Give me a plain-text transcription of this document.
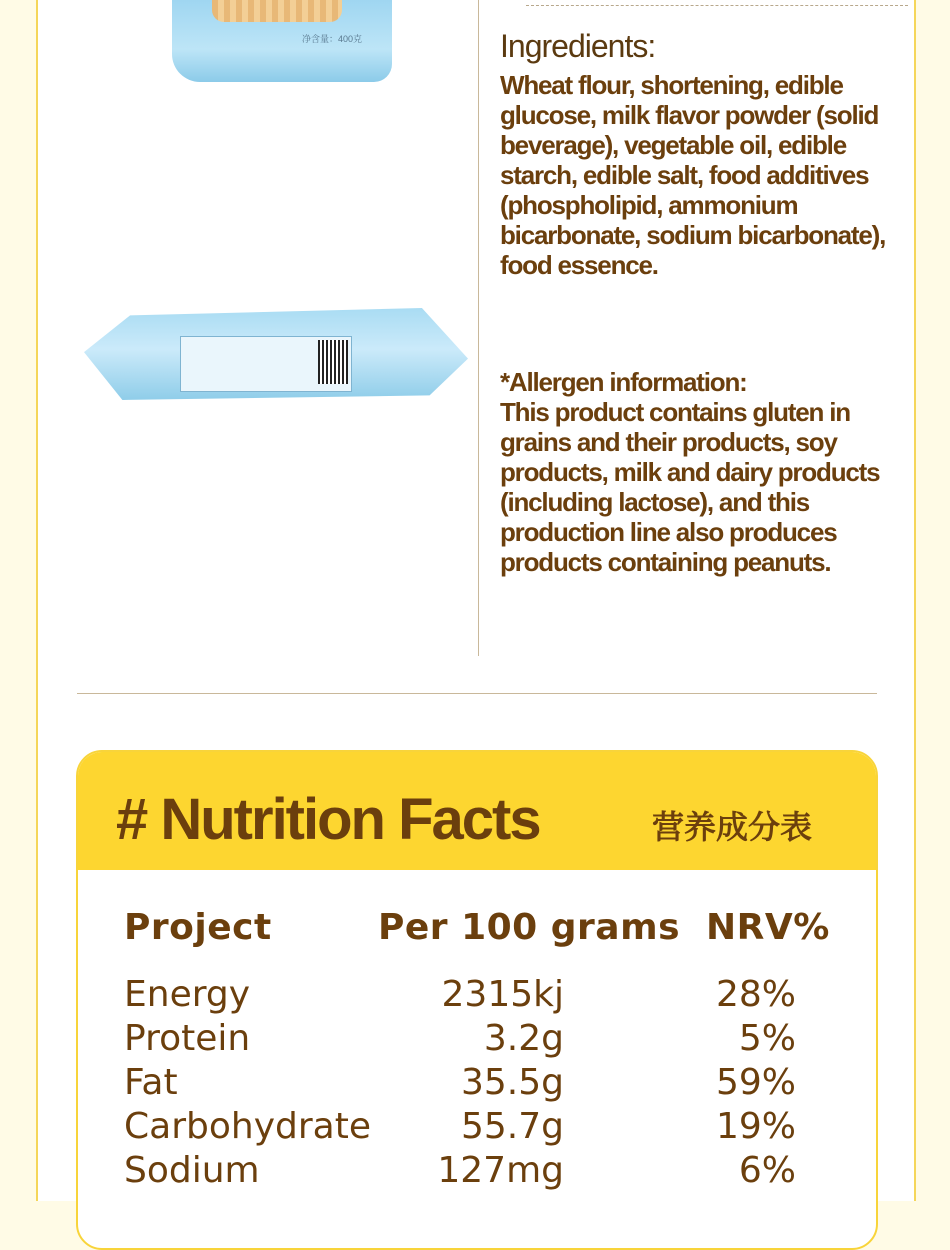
净含量：400克	Ingredients:
Wheat flour, shortening, edible glucose, milk flavor powder (solid beverage), vegetable oil, edible starch, edible salt, food additives (phospholipid, ammonium bicarbonate, sodium bicarbonate), food essence.
*Allergen information:
This product contains gluten in grains and their products, soy products, milk and dairy products (including lactose), and this production line also produces products containing peanuts.
# Nutrition Facts	营养成分表
Project	Per 100 grams NRV%
Energy	2315kj	28%
Protein	3.2g	5%
Fat	35.5g	59%
Carbohydrate	55.7g	19%
Sodium	127mg	6%
